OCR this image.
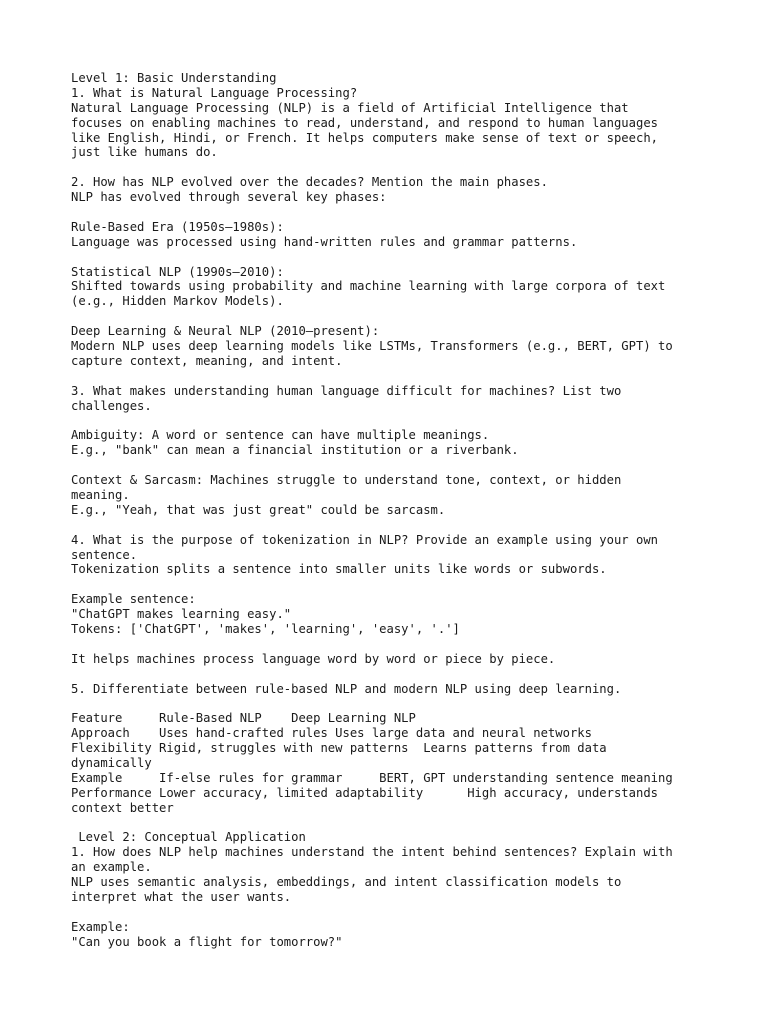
Level 1: Basic Understanding
1. What is Natural Language Processing?
Natural Language Processing (NLP) is a field of Artificial Intelligence that
focuses on enabling machines to read, understand, and respond to human languages
like English, Hindi, or French. It helps computers make sense of text or speech,
just like humans do.
2. How has NLP evolved over the decades? Mention the main phases.
NLP has evolved through several key phases:
Rule-Based Era (1950s–1980s):
Language was processed using hand-written rules and grammar patterns.
Statistical NLP (1990s–2010):
Shifted towards using probability and machine learning with large corpora of text
(e.g., Hidden Markov Models).
Deep Learning & Neural NLP (2010–present):
Modern NLP uses deep learning models like LSTMs, Transformers (e.g., BERT, GPT) to
capture context, meaning, and intent.
3. What makes understanding human language difficult for machines? List two
challenges.
Ambiguity: A word or sentence can have multiple meanings.
E.g., "bank" can mean a financial institution or a riverbank.
Context & Sarcasm: Machines struggle to understand tone, context, or hidden
meaning.
E.g., "Yeah, that was just great" could be sarcasm.
4. What is the purpose of tokenization in NLP? Provide an example using your own
sentence.
Tokenization splits a sentence into smaller units like words or subwords.
Example sentence:
"ChatGPT makes learning easy."
Tokens: ['ChatGPT', 'makes', 'learning', 'easy', '.']
It helps machines process language word by word or piece by piece.
5. Differentiate between rule-based NLP and modern NLP using deep learning.
Feature     Rule-Based NLP    Deep Learning NLP
Approach    Uses hand-crafted rules Uses large data and neural networks
Flexibility Rigid, struggles with new patterns  Learns patterns from data
dynamically
Example     If-else rules for grammar     BERT, GPT understanding sentence meaning
Performance Lower accuracy, limited adaptability      High accuracy, understands
context better
Level 2: Conceptual Application
1. How does NLP help machines understand the intent behind sentences? Explain with
an example.
NLP uses semantic analysis, embeddings, and intent classification models to
interpret what the user wants.
Example:
"Can you book a flight for tomorrow?"
